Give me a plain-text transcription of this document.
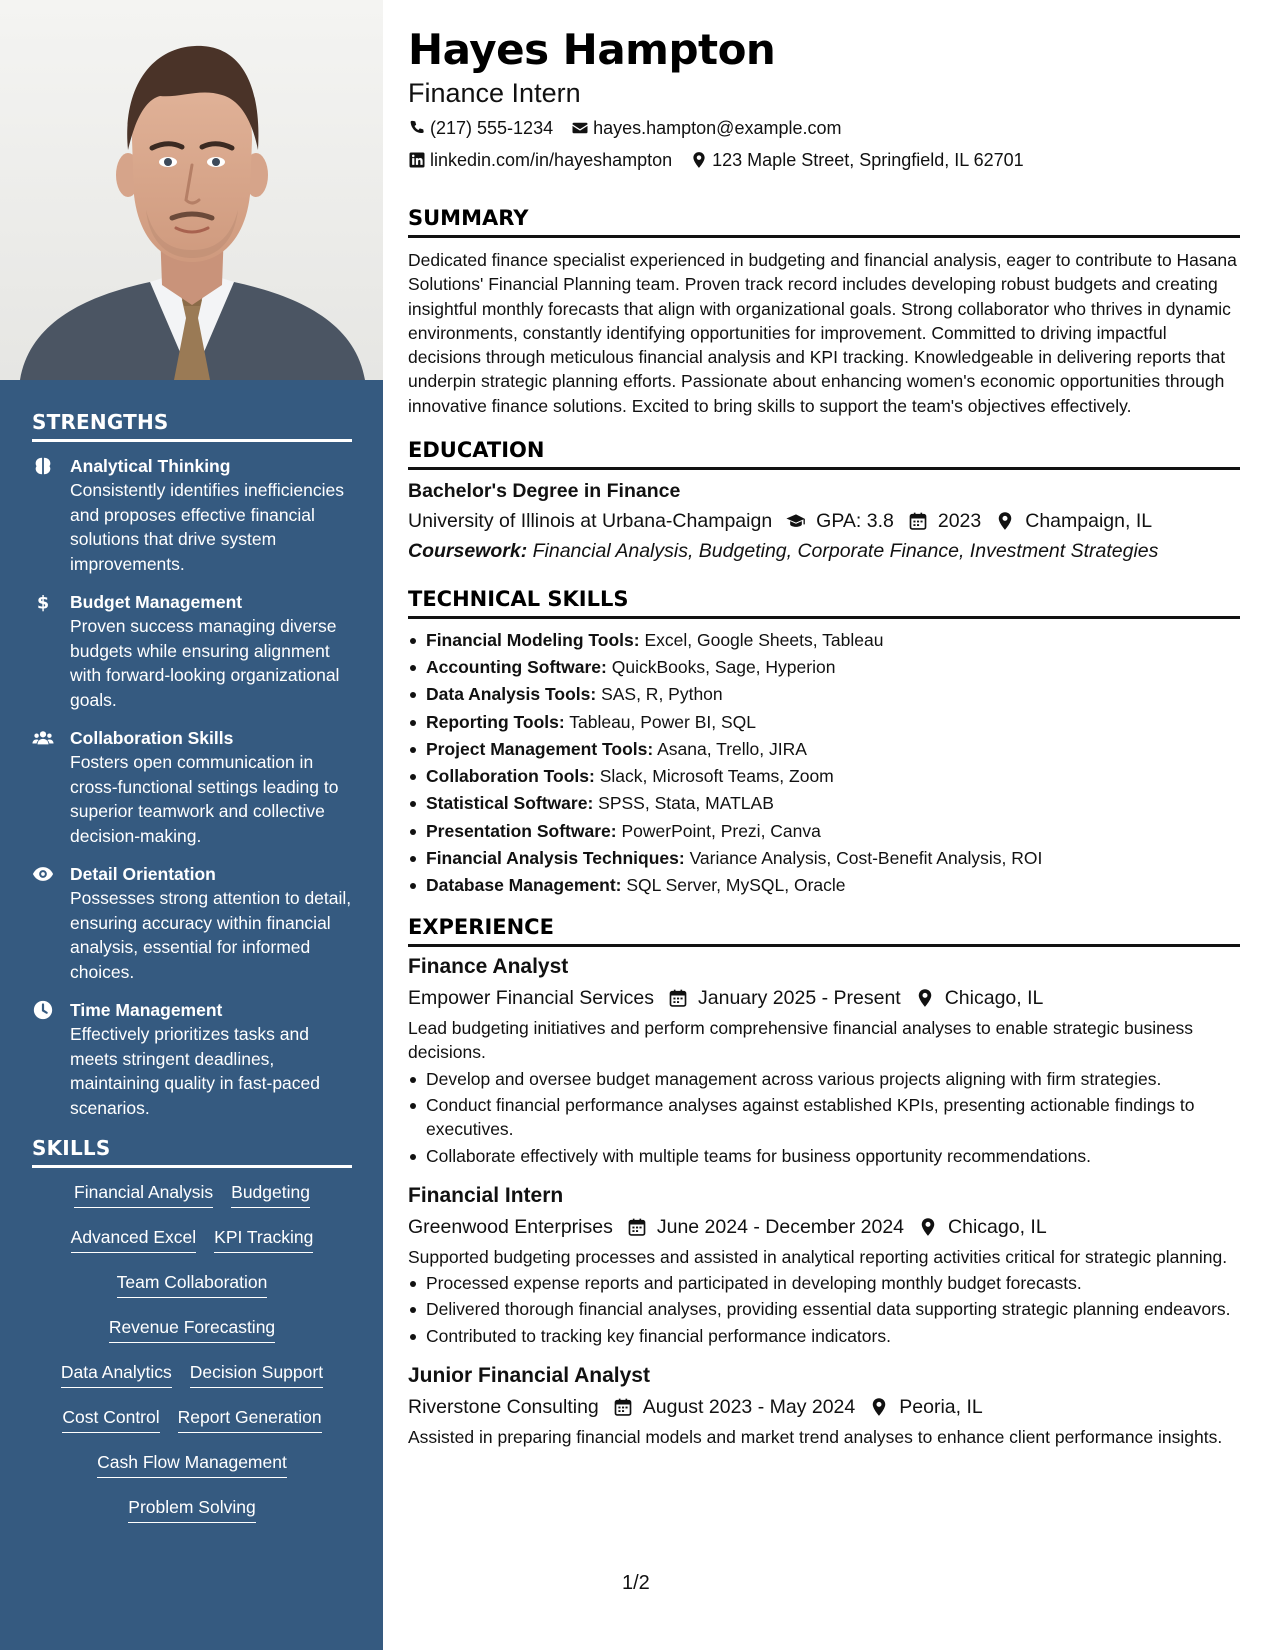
STRENGTHS
Analytical Thinking
Consistently identifies inefficiencies and proposes effective financial solutions that drive system improvements.
$ Budget Management
Proven success managing diverse budgets while ensuring alignment with forward-looking organizational goals.
Collaboration Skills
Fosters open communication in cross-functional settings leading to superior teamwork and collective decision-making.
Detail Orientation
Possesses strong attention to detail, ensuring accuracy within financial analysis, essential for informed choices.
Time Management
Effectively prioritizes tasks and meets stringent deadlines, maintaining quality in fast-paced scenarios.
SKILLS
Financial Analysis Budgeting
Advanced Excel KPI Tracking
Team Collaboration
Revenue Forecasting
Data Analytics Decision Support
Cost Control Report Generation
Cash Flow Management
Problem Solving
Hayes Hampton
Finance Intern
(217) 555-1234 hayes.hampton@example.com
linkedin.com/in/hayeshampton 123 Maple Street, Springfield, IL 62701
SUMMARY

Dedicated finance specialist experienced in budgeting and financial analysis, eager to contribute to Hasana Solutions' Financial Planning team. Proven track record includes developing robust budgets and creating insightful monthly forecasts that align with organizational goals. Strong collaborator who thrives in dynamic environments, constantly identifying opportunities for improvement. Committed to driving impactful decisions through meticulous financial analysis and KPI tracking. Knowledgeable in delivering reports that underpin strategic planning efforts. Passionate about enhancing women's economic opportunities through innovative finance solutions. Excited to bring skills to support the team's objectives effectively.

EDUCATION
Bachelor's Degree in Finance
University of Illinois at Urbana-Champaign GPA: 3.8 2023 Champaign, IL
Coursework: Financial Analysis, Budgeting, Corporate Finance, Investment Strategies
TECHNICAL SKILLS
Financial Modeling Tools: Excel, Google Sheets, Tableau
Accounting Software: QuickBooks, Sage, Hyperion
Data Analysis Tools: SAS, R, Python
Reporting Tools: Tableau, Power BI, SQL
Project Management Tools: Asana, Trello, JIRA
Collaboration Tools: Slack, Microsoft Teams, Zoom
Statistical Software: SPSS, Stata, MATLAB
Presentation Software: PowerPoint, Prezi, Canva
Financial Analysis Techniques: Variance Analysis, Cost-Benefit Analysis, ROI
Database Management: SQL Server, MySQL, Oracle
EXPERIENCE
Finance Analyst
Empower Financial Services January 2025 - Present Chicago, IL
Lead budgeting initiatives and perform comprehensive financial analyses to enable strategic business decisions.
Develop and oversee budget management across various projects aligning with firm strategies.
Conduct financial performance analyses against established KPIs, presenting actionable findings to executives.
Collaborate effectively with multiple teams for business opportunity recommendations.
Financial Intern
Greenwood Enterprises June 2024 - December 2024 Chicago, IL
Supported budgeting processes and assisted in analytical reporting activities critical for strategic planning.
Processed expense reports and participated in developing monthly budget forecasts.
Delivered thorough financial analyses, providing essential data supporting strategic planning endeavors.
Contributed to tracking key financial performance indicators.
Junior Financial Analyst
Riverstone Consulting August 2023 - May 2024 Peoria, IL
Assisted in preparing financial models and market trend analyses to enhance client performance insights.
1/2
